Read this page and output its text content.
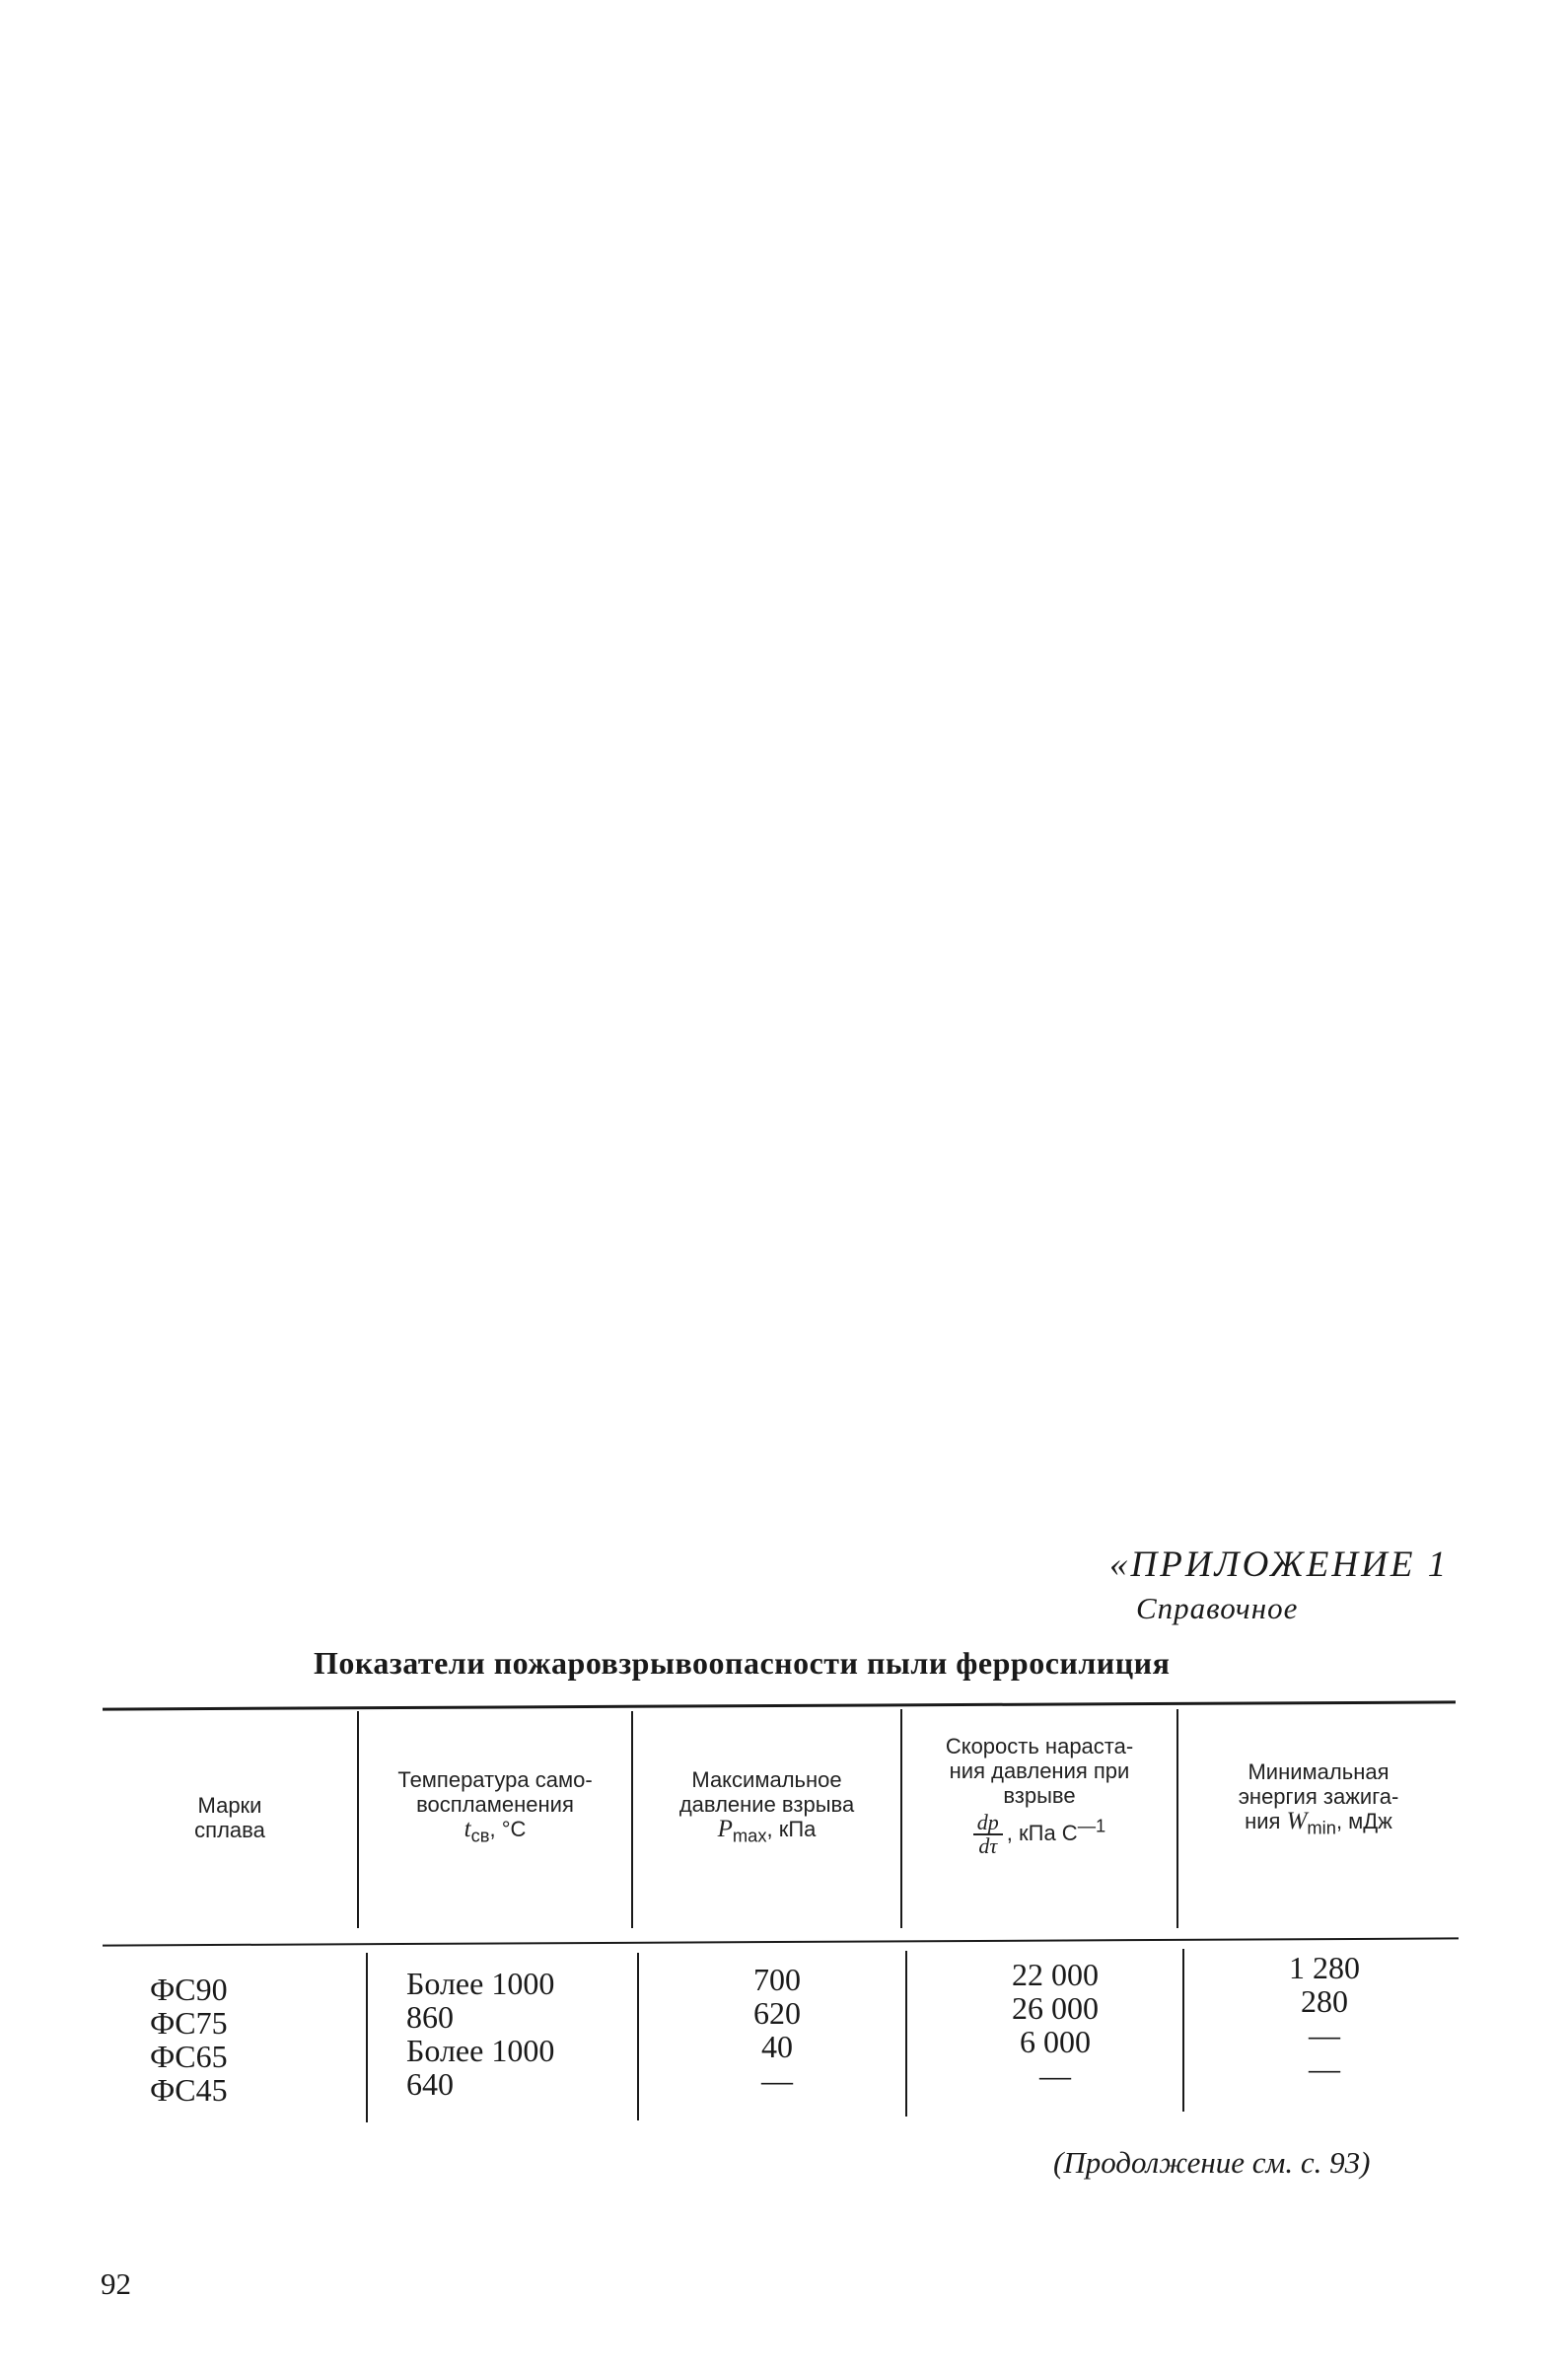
«ПРИЛОЖЕНИЕ 1
Справочное
Показатели пожаровзрывоопасности пыли ферросилиция
Марки
сплава
Температура само-
воспламенения
$t_{св}$, °С
Максимальное
давление взрыва
$P_{max}$, кПа
Скорость нараста-
ния давления при
взрыве
$\frac{dp}{d\tau}$ , кПа $С^{—1}$
Минимальная
энергия зажига-
ния $W_{min}$, мДж
ФС90
ФС75
ФС65
ФС45
Более 1000
860
Более 1000
640
700
620
40
—
22 000
26 000
6 000
—
1 280
280
—
—
(Продолжение см. с. 93)
92
